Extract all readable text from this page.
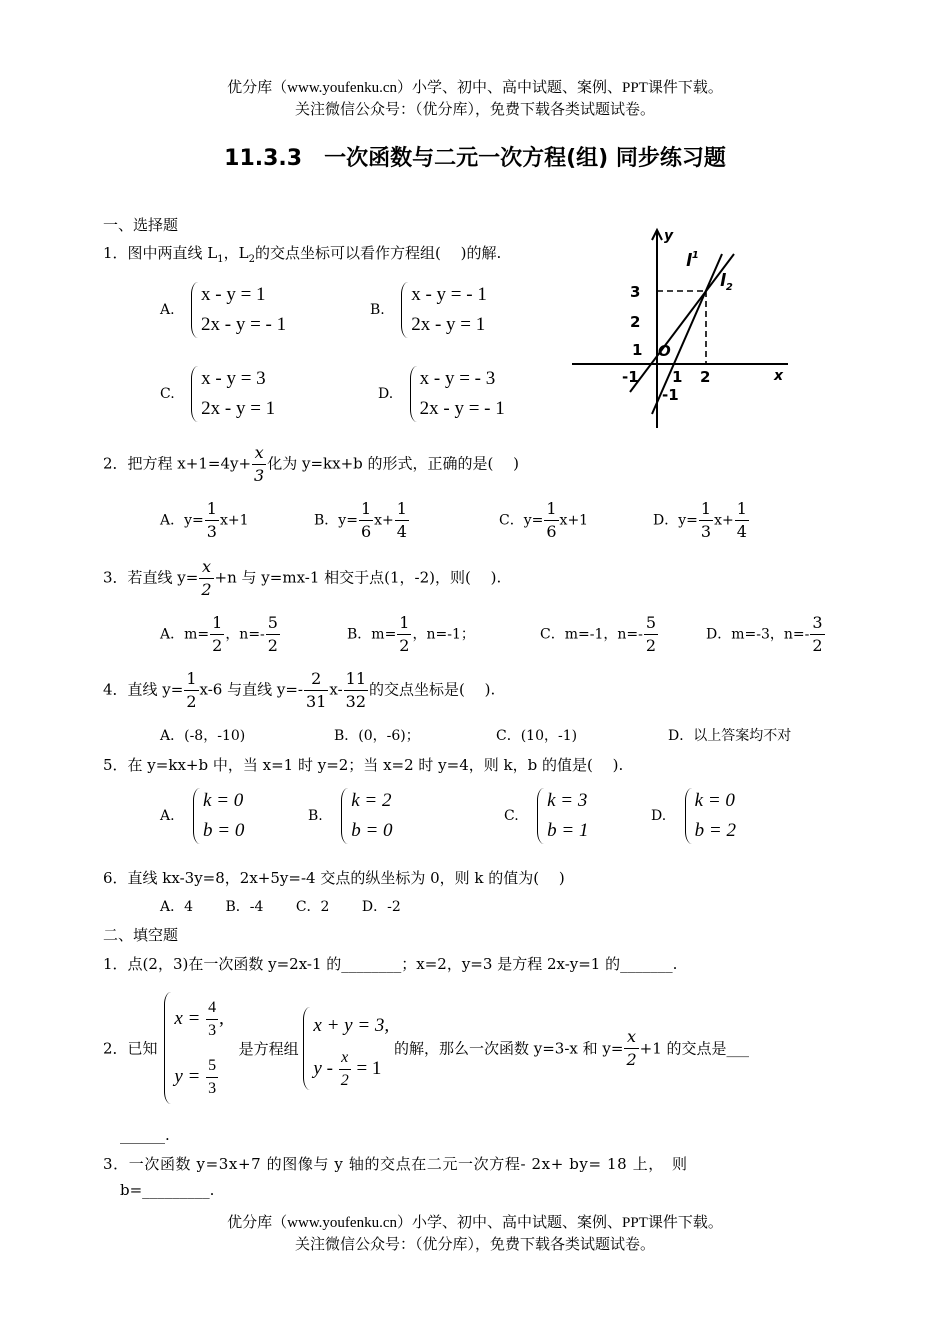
优分库（www.youfenku.cn）小学、初中、高中试题、案例、PPT课件下载。
关注微信公众号：（优分库），免费下载各类试题试卷。
11.3.3　一次函数与二元一次方程(组) 同步练习题
一、选择题
1．图中两直线 $L_1$，$L_2$的交点坐标可以看作方程组(　 )的解.
A.
x - y = 1
2x - y = - 1
B.
x - y = - 1
2x - y = 1
C.
x - y = 3
2x - y = 1
D.
x - y = - 3
2x - y = - 1
y
x
O
$l^1$
$l_2$
3
2
1
-1
-1 1 2
2．把方程 $x+1=4y+ \frac{x}{3}$ 化为 y=kx+b 的形式，正确的是(　 )
A．$y= \frac{1}{3} x+1$	B．$y= \frac{1}{6} x+ \frac{1}{4}$	C．$y= \frac{1}{6} x+1$	D．$y= \frac{1}{3} x+ \frac{1}{4}$
3．若直线 $y= \frac{x}{2} +n$ 与 y=mx-1 相交于点(1，-2)，则(　 ).
A．$m= \frac{1}{2}$ ，$n=- \frac{5}{2}$	B．$m= \frac{1}{2}$ ，n=-1；	C．m=-1，$n=- \frac{5}{2}$	D．m=-3，$n=- \frac{3}{2}$
4．直线 $y= \frac{1}{2} x-6$ 与直线 $y=- \frac{2}{31} x- \frac{11}{32}$ 的交点坐标是(　 ).
A．(-8，-10)	B．(0，-6)；	C．(10，-1)	D．以上答案均不对
5．在 y=kx+b 中，当 x=1 时 y=2；当 x=2 时 y=4，则 k，b 的值是(　 ).
A.
k = 0
b = 0
B.
k = 2
b = 0
C.
k = 3
b = 1
D.
k = 0
b = 2
6．直线 kx-3y=8，2x+5y=-4 交点的纵坐标为 0，则 k 的值为(　 )
A．4　　 B．-4　　 C．2　　 D．-2
二、填空题
1．点(2，3)在一次函数 y=2x-1 的________；x=2，y=3 是方程 2x-y=1 的_______.
2．已知
$x = \frac{4}{3}$ ,
$y = \frac{5}{3}$
是方程组
x + y = 3,
$y - \frac{x}{2} = 1$
的解，那么一次函数 y=3-x 和 $y= \frac{x}{2} +1$ 的交点是___
______.
3．一次函数 y=3x+7 的图像与 y 轴的交点在二元一次方程- 2x+ by= 18 上，　则
b=_________.
优分库（www.youfenku.cn）小学、初中、高中试题、案例、PPT课件下载。
关注微信公众号：（优分库），免费下载各类试题试卷。
